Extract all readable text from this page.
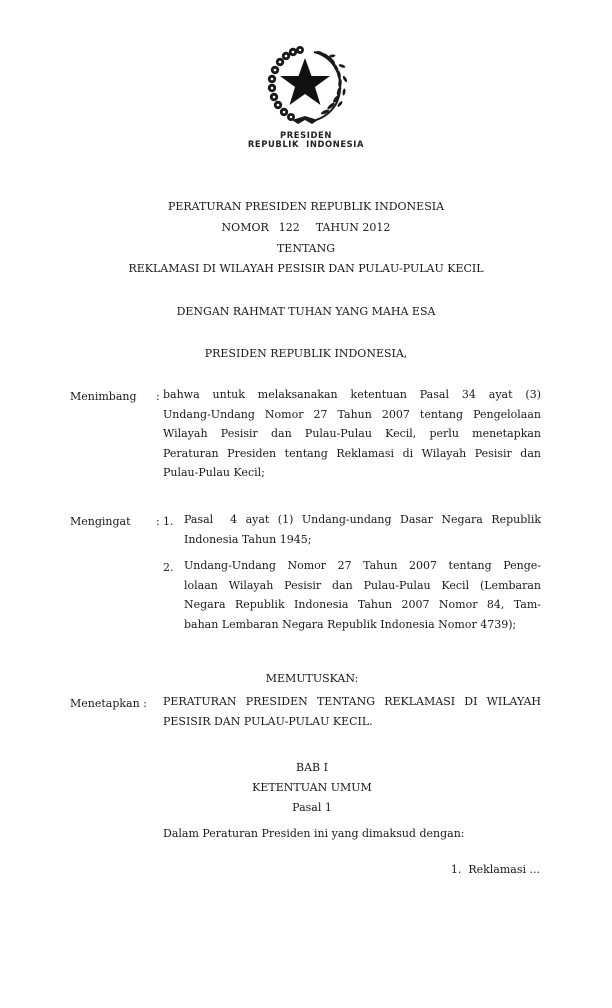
PRESIDEN
REPUBLIK  INDONESIA
PERATURAN PRESIDEN REPUBLIK INDONESIA
NOMOR 122 TAHUN 2012
TENTANG
REKLAMASI DI WILAYAH PESISIR DAN PULAU-PULAU KECIL
DENGAN RAHMAT TUHAN YANG MAHA ESA
PRESIDEN REPUBLIK INDONESIA,
Menimbang : bahwa untuk melaksanakan ketentuan Pasal 34 ayat (3)
Undang-Undang Nomor 27 Tahun 2007 tentang Pengelolaan
Wilayah Pesisir dan Pulau-Pulau Kecil, perlu menetapkan
Peraturan Presiden tentang Reklamasi di Wilayah Pesisir dan
Pulau-Pulau Kecil;
Mengingat : 1. Pasal  4 ayat (1) Undang-undang Dasar Negara Republik
Indonesia Tahun 1945;
2. Undang-Undang Nomor 27 Tahun 2007 tentang Penge-
lolaan Wilayah Pesisir dan Pulau-Pulau Kecil (Lembaran
Negara Republik Indonesia Tahun 2007 Nomor 84, Tam-
bahan Lembaran Negara Republik Indonesia Nomor 4739);
MEMUTUSKAN:
Menetapkan : PERATURAN PRESIDEN TENTANG REKLAMASI DI WILAYAH
PESISIR DAN PULAU-PULAU KECIL.
BAB I
KETENTUAN UMUM
Pasal 1
Dalam Peraturan Presiden ini yang dimaksud dengan:
1.  Reklamasi ...
